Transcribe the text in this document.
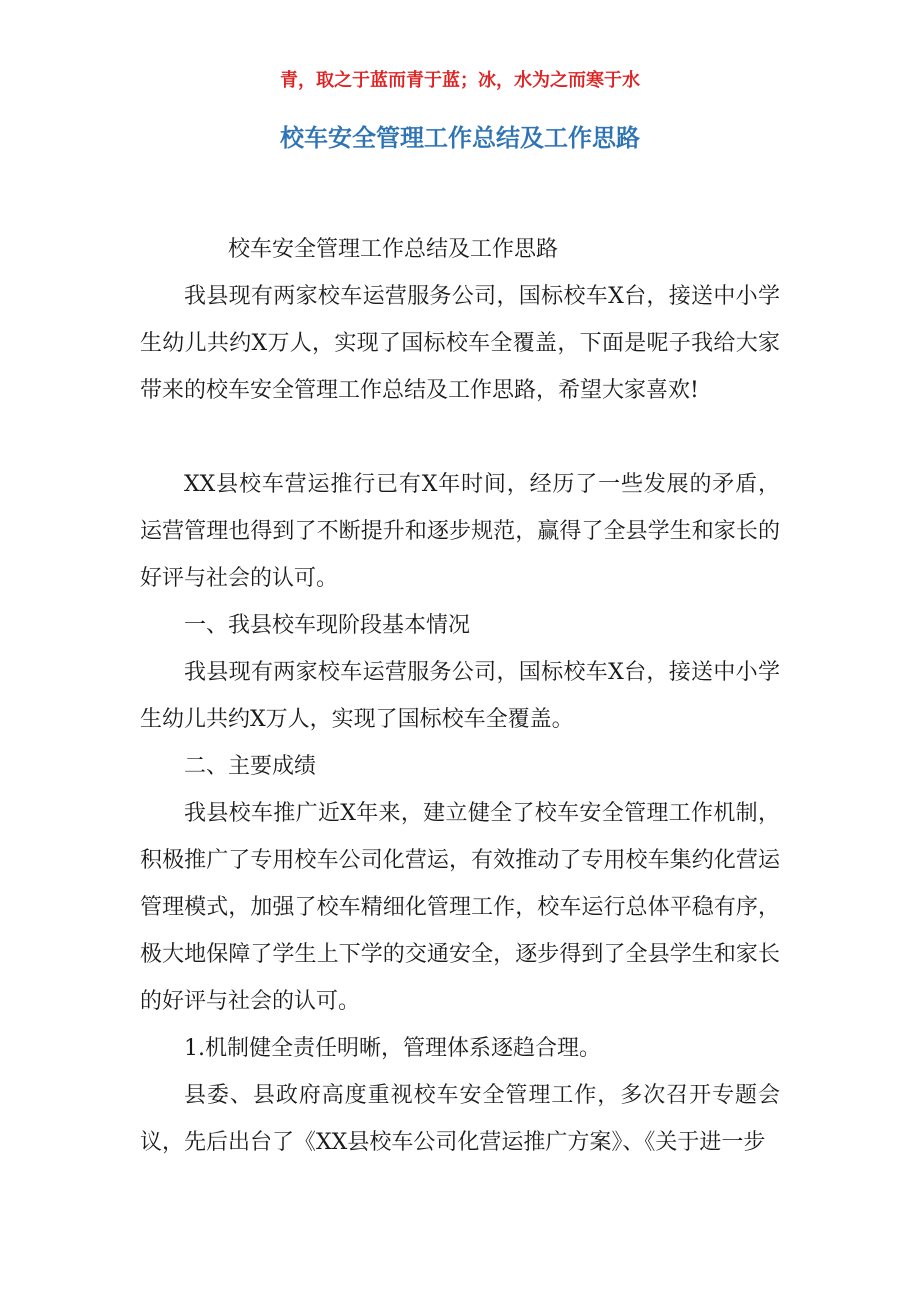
青，取之于蓝而青于蓝；冰，水为之而寒于水
校车安全管理工作总结及工作思路

校车安全管理工作总结及工作思路

我县现有两家校车运营服务公司，国标校车X台，接送中小学生幼儿共约X万人，实现了国标校车全覆盖，下面是呢子我给大家带来的校车安全管理工作总结及工作思路，希望大家喜欢!

XX县校车营运推行已有X年时间，经历了一些发展的矛盾，运营管理也得到了不断提升和逐步规范，赢得了全县学生和家长的好评与社会的认可。

一、我县校车现阶段基本情况

我县现有两家校车运营服务公司，国标校车X台，接送中小学生幼儿共约X万人，实现了国标校车全覆盖。

二、主要成绩

我县校车推广近X年来，建立健全了校车安全管理工作机制，积极推广了专用校车公司化营运，有效推动了专用校车集约化营运管理模式，加强了校车精细化管理工作，校车运行总体平稳有序，极大地保障了学生上下学的交通安全，逐步得到了全县学生和家长的好评与社会的认可。

1.机制健全责任明晰，管理体系逐趋合理。

县委、县政府高度重视校车安全管理工作，多次召开专题会议，先后出台了《XX县校车公司化营运推广方案》、《关于进一步
